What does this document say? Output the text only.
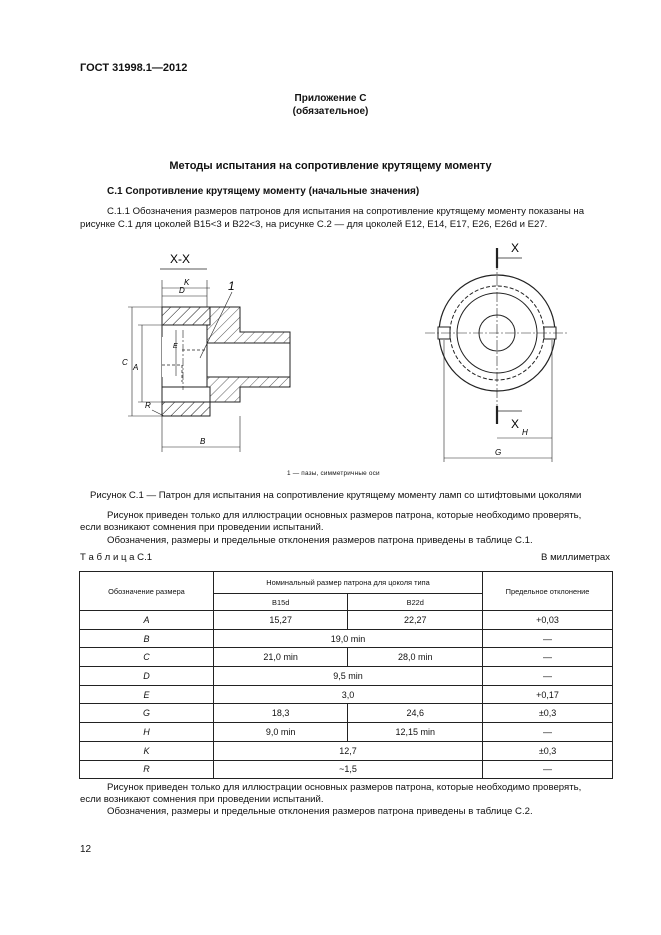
ГОСТ 31998.1—2012
Приложение С
(обязательное)
Методы испытания на сопротивление крутящему моменту
С.1 Сопротивление крутящему моменту (начальные значения)
С.1.1 Обозначения размеров патронов для испытания на сопротивление крутящему моменту показаны на
рисунке С.1 для цоколей B15<3 и B22<3, на рисунке С.2 — для цоколей E12, E14, E17, E26, E26d и E27.
X-X
K
D
C
A
E
R
B
1
X
X
H
G
1 — пазы, симметричные оси
Рисунок С.1 — Патрон для испытания на сопротивление крутящему моменту ламп со штифтовыми цоколями
Рисунок приведен только для иллюстрации основных размеров патрона, которые необходимо проверять,
если возникают сомнения при проведении испытаний.
Обозначения, размеры и предельные отклонения размеров патрона приведены в таблице С.1.
Т а б л и ц а С.1	В миллиметрах
Обозначение размера	Номинальный размер патрона для цоколя типа		Предельное отклонение
	B15d	B22d	
A	15,27	22,27	+0,03
B	19,0 min		—
C	21,0 min	28,0 min	—
D	9,5 min		—
E	3,0		+0,17
G	18,3	24,6	±0,3
H	9,0 min	12,15 min	—
K	12,7		±0,3
R	~1,5		—
Рисунок приведен только для иллюстрации основных размеров патрона, которые необходимо проверять,
если возникают сомнения при проведении испытаний.
Обозначения, размеры и предельные отклонения размеров патрона приведены в таблице С.2.
12
